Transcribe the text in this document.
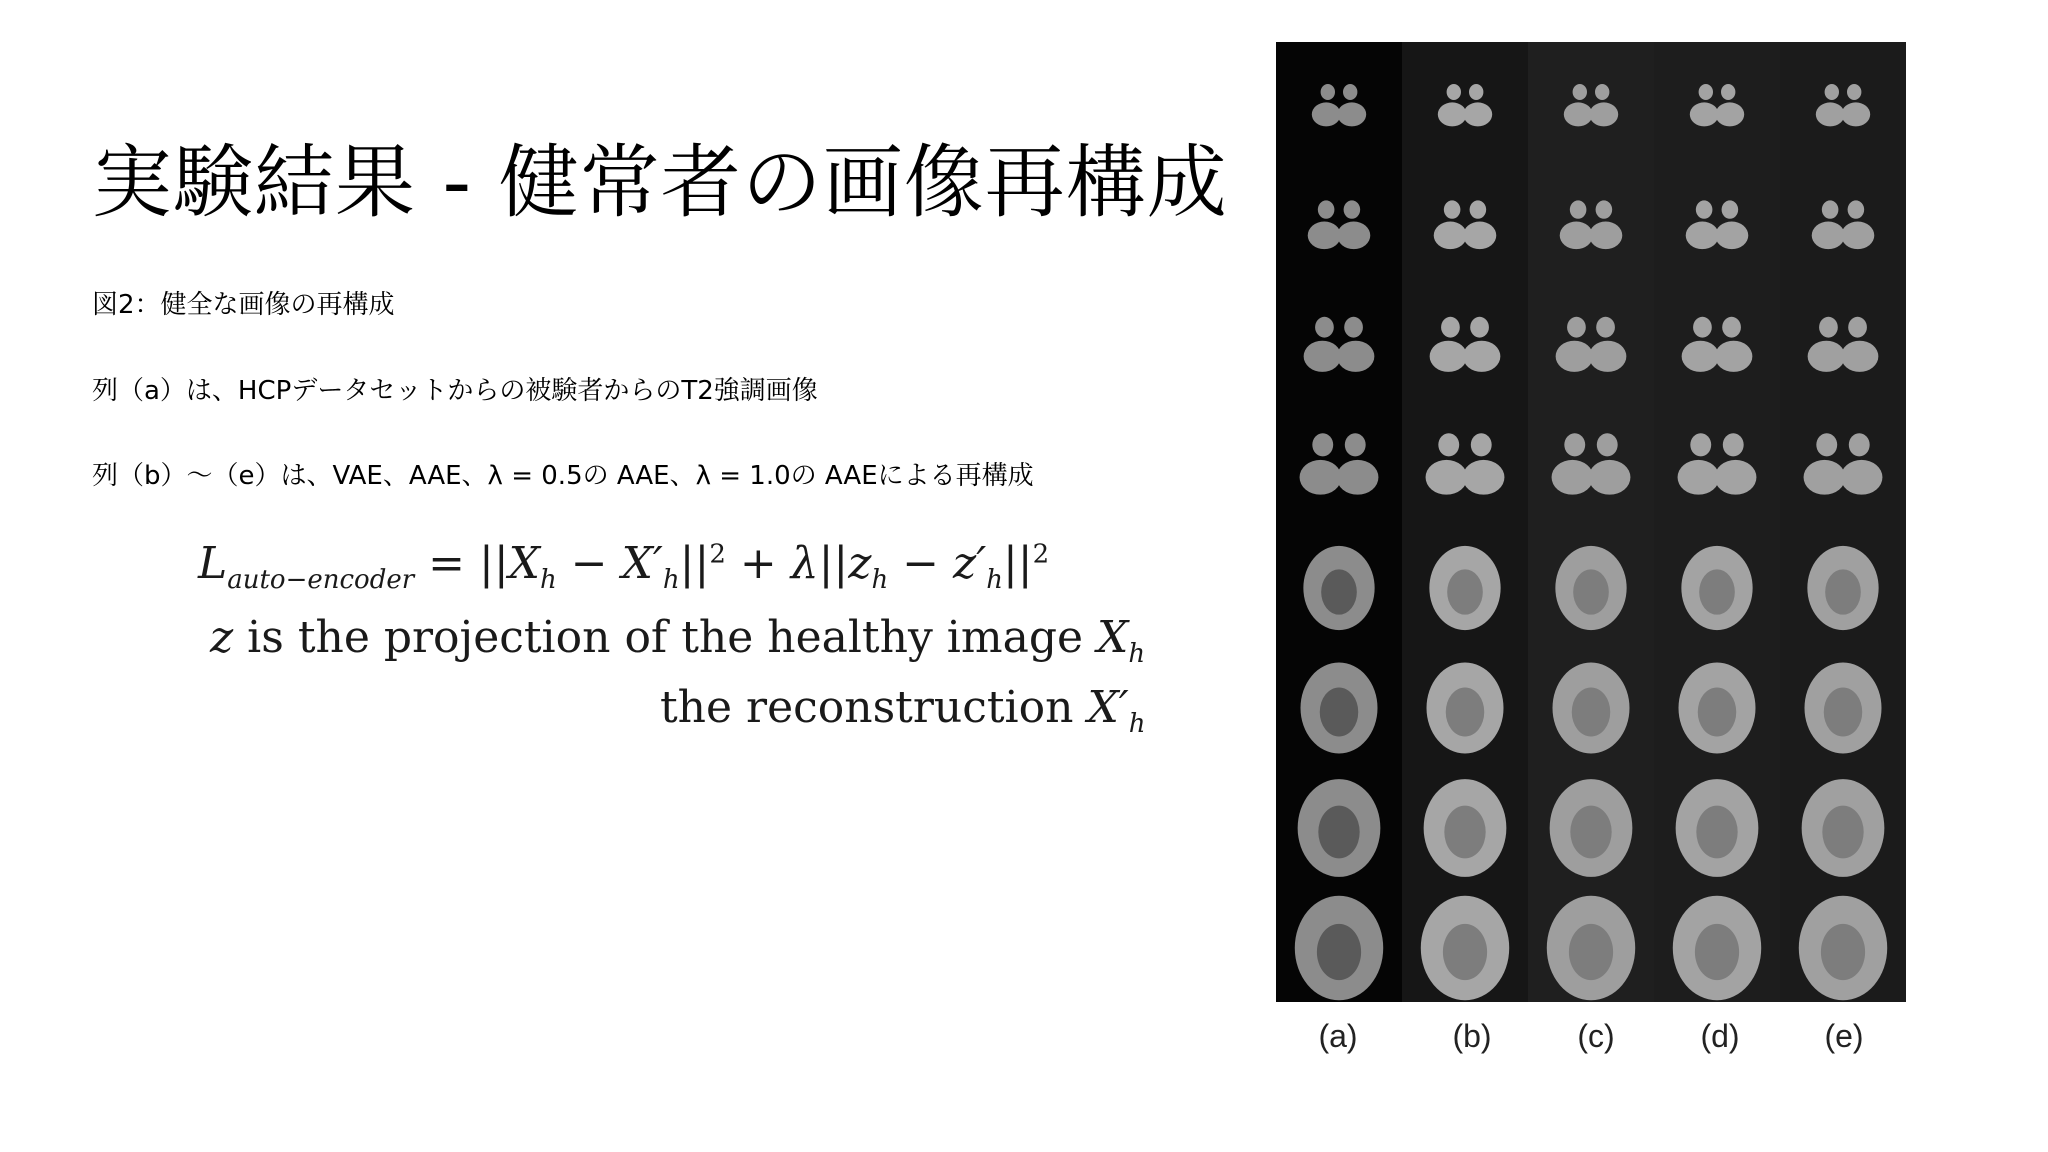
実験結果 - 健常者の画像再構成
図2：健全な画像の再構成
列（a）は、HCPデータセットからの被験者からのT2強調画像
列（b）～（e）は、VAE、AAE、λ = 0.5の AAE、λ = 1.0の AAEによる再構成
$L_{auto-encoder} = ||X_h - X'_h||^2 + \lambda||z_h - z'_h||^2$
z is the projection of the healthy image $X_h$
the reconstruction $X'_h$
(a)	(b)	(c)	(d)	(e)
